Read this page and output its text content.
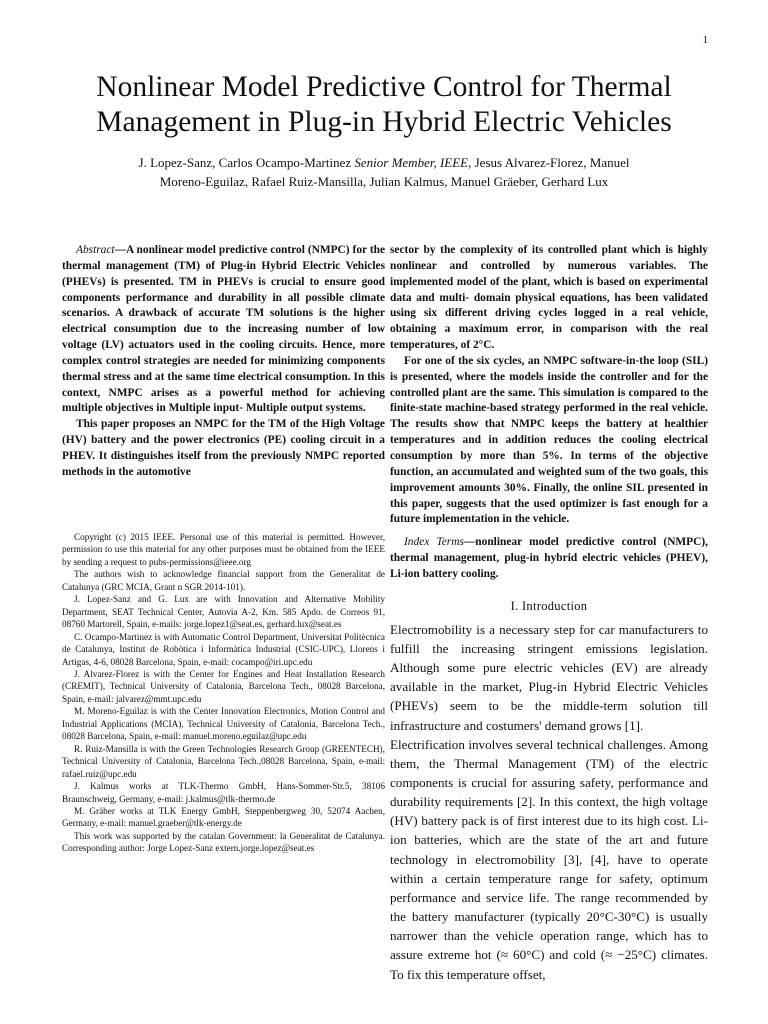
1
Nonlinear Model Predictive Control for Thermal Management in Plug-in Hybrid Electric Vehicles
J. Lopez-Sanz, Carlos Ocampo-Martinez Senior Member, IEEE, Jesus Alvarez-Florez, Manuel
Moreno-Eguilaz, Rafael Ruiz-Mansilla, Julian Kalmus, Manuel Gräeber, Gerhard Lux

Abstract—A nonlinear model predictive control (NMPC) for the thermal management (TM) of Plug-in Hybrid Electric Vehicles (PHEVs) is presented. TM in PHEVs is crucial to ensure good components performance and durability in all possible climate scenarios. A drawback of accurate TM solutions is the higher electrical consumption due to the increasing number of low voltage (LV) actuators used in the cooling circuits. Hence, more complex control strategies are needed for minimizing components thermal stress and at the same time electrical consumption. In this context, NMPC arises as a powerful method for achieving multiple objectives in Multiple input- Multiple output systems.

This paper proposes an NMPC for the TM of the High Voltage (HV) battery and the power electronics (PE) cooling circuit in a PHEV. It distinguishes itself from the previously NMPC reported methods in the automotive

Copyright (c) 2015 IEEE. Personal use of this material is permitted. However, permission to use this material for any other purposes must be obtained from the IEEE by sending a request to pubs-permissions@ieee.org

The authors wish to acknowledge financial support from the Generalitat de Catalunya (GRC MCIA, Grant n SGR 2014-101).

J. Lopez-Sanz and G. Lux are with Innovation and Alternative Mobility Department, SEAT Technical Center, Autovia A-2, Km. 585 Apdo. de Correos 91, 08760 Martorell, Spain, e-mails: jorge.lopez1@seat.es, gerhard.lux@seat.es

C. Ocampo-Martinez is with Automatic Control Department, Universitat Politècnica de Catalunya, Institut de Robòtica i Informàtica Industrial (CSIC-UPC), Llorens i Artigas, 4-6, 08028 Barcelona, Spain, e-mail: cocampo@iri.upc.edu

J. Alvarez-Florez is with the Center for Engines and Heat Installation Research (CREMIT), Technical University of Catalonia, Barcelona Tech., 08028 Barcelona, Spain, e-mail: jalvarez@mmt.upc.edu

M. Moreno-Eguilaz is with the Center Innovation Electronics, Motion Control and Industrial Applications (MCIA), Technical University of Catalonia, Barcelona Tech., 08028 Barcelona, Spain, e-mail: manuel.moreno.eguilaz@upc.edu

R. Ruiz-Mansilla is with the Green Technologies Research Group (GREENTECH), Technical University of Catalonia, Barcelona Tech.,08028 Barcelona, Spain, e-mail: rafael.ruiz@upc.edu

J. Kalmus works at TLK-Thermo GmbH, Hans-Sommer-Str.5, 38106 Braunschweig, Germany, e-mail: j.kalmus@tlk-thermo.de

M. Gräber works at TLK Energy GmbH, Steppenbergweg 30, 52074 Aachen, Germany, e-mail: manuel.graeber@tlk-energy.de

This work was supported by the catalan Government: la Generalitat de Catalunya. Corresponding author: Jorge Lopez-Sanz extern.jorge.lopez@seat.es

sector by the complexity of its controlled plant which is highly nonlinear and controlled by numerous variables. The implemented model of the plant, which is based on experimental data and multi- domain physical equations, has been validated using six different driving cycles logged in a real vehicle, obtaining a maximum error, in comparison with the real temperatures, of 2°C.

For one of the six cycles, an NMPC software-in-the loop (SIL) is presented, where the models inside the controller and for the controlled plant are the same. This simulation is compared to the finite-state machine-based strategy performed in the real vehicle. The results show that NMPC keeps the battery at healthier temperatures and in addition reduces the cooling electrical consumption by more than 5%. In terms of the objective function, an accumulated and weighted sum of the two goals, this improvement amounts 30%. Finally, the online SIL presented in this paper, suggests that the used optimizer is fast enough for a future implementation in the vehicle.

Index Terms—nonlinear model predictive control (NMPC), thermal management, plug-in hybrid electric vehicles (PHEV), Li-ion battery cooling.

I. Introduction

Electromobility is a necessary step for car manufacturers to fulfill the increasing stringent emissions legislation. Although some pure electric vehicles (EV) are already available in the market, Plug-in Hybrid Electric Vehicles (PHEVs) seem to be the middle-term solution till infrastructure and costumers' demand grows [1].

Electrification involves several technical challenges. Among them, the Thermal Management (TM) of the electric components is crucial for assuring safety, performance and durability requirements [2]. In this context, the high voltage (HV) battery pack is of first interest due to its high cost. Li-ion batteries, which are the state of the art and future technology in electromobility [3], [4], have to operate within a certain temperature range for safety, optimum performance and service life. The range recommended by the battery manufacturer (typically 20°C-30°C) is usually narrower than the vehicle operation range, which has to assure extreme hot (≈ 60°C) and cold (≈ −25°C) climates. To fix this temperature offset,
